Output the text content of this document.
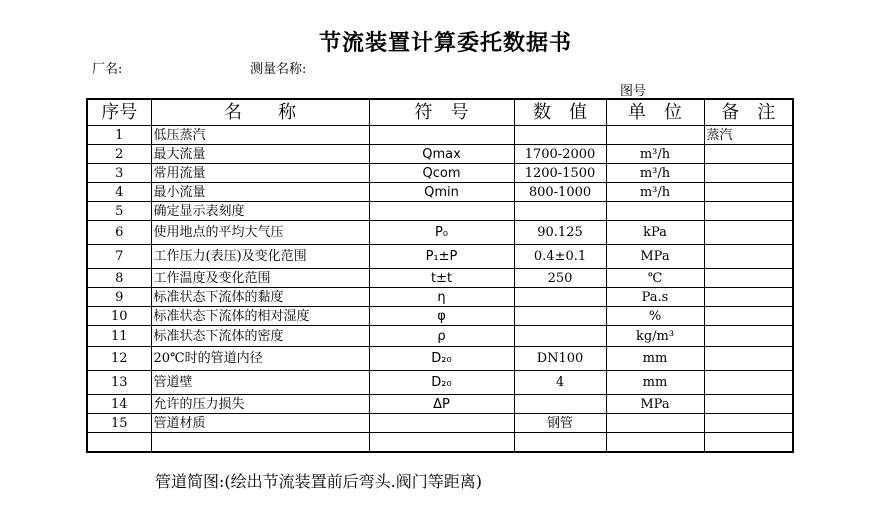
节流装置计算委托数据书
厂名:	测量名称:
图号
序号	名　　称	符　号	数　值	单　位	备　注
1	低压蒸汽				蒸汽
2	最大流量	Qmax	1700-2000	m³/h	
3	常用流量	Qcom	1200-1500	m³/h	
4	最小流量	Qmin	800-1000	m³/h	
5	确定显示表刻度				
6	使用地点的平均大气压	P₀	90.125	kPa	
7	工作压力(表压)及变化范围	P₁±P	0.4±0.1	MPa	
8	工作温度及变化范围	t±t	250	℃	
9	标准状态下流体的黏度	η		Pa.s	
10	标准状态下流体的相对湿度	φ		%	
11	标准状态下流体的密度	ρ		kg/m³	
12	20℃时的管道内径	D₂₀	DN100	mm	
13	管道壁	D₂₀	4	mm	
14	允许的压力损失	ΔP		MPa	
15	管道材质		钢管		

管道简图:(绘出节流装置前后弯头.阀门等距离)
